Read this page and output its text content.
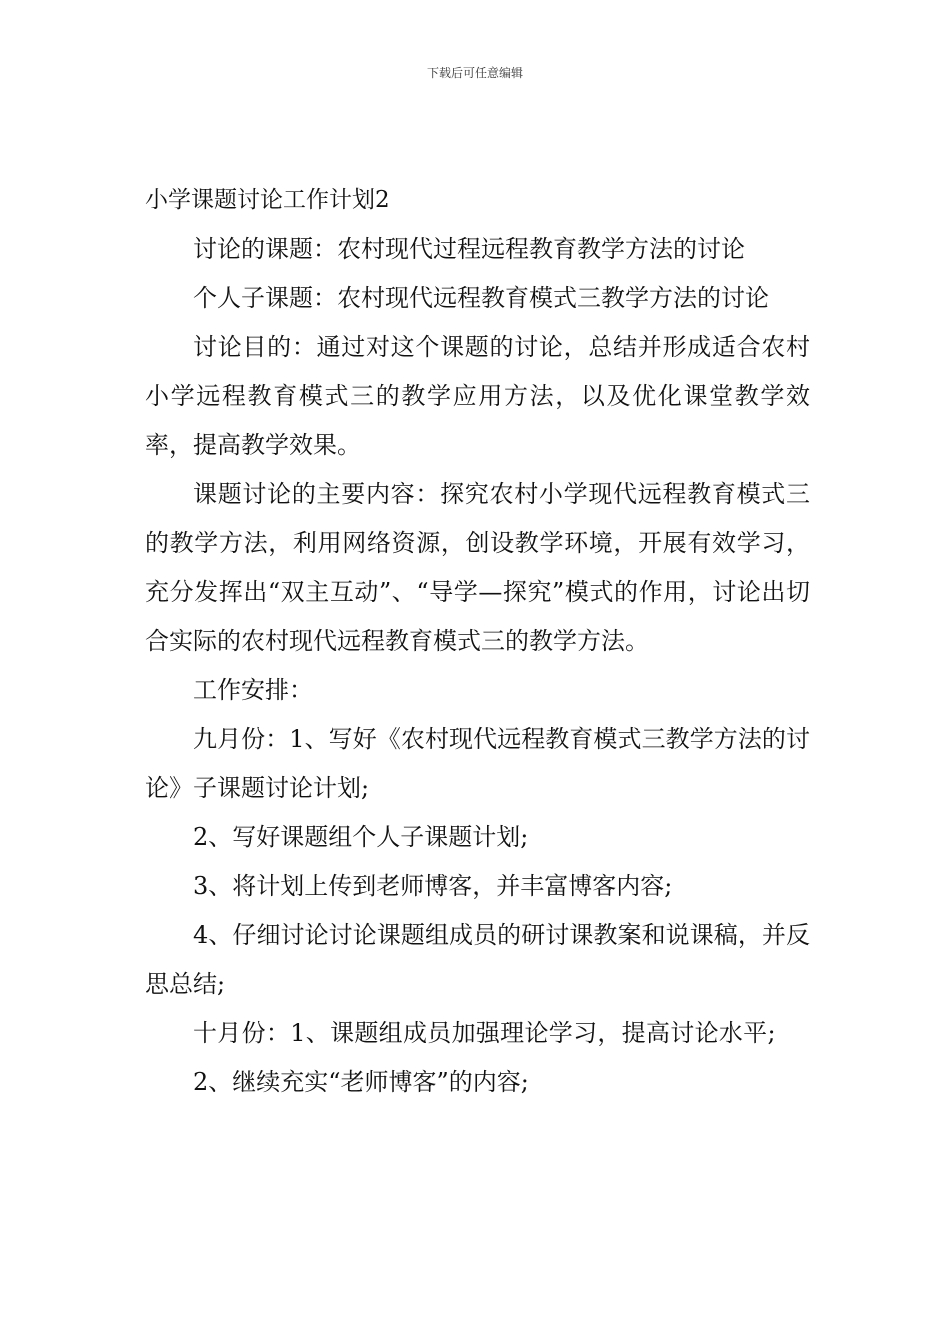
下载后可任意编辑
小学课题讨论工作计划2

讨论的课题：农村现代过程远程教育教学方法的讨论

个人子课题：农村现代远程教育模式三教学方法的讨论

讨论目的：通过对这个课题的讨论，总结并形成适合农村小学远程教育模式三的教学应用方法，以及优化课堂教学效率，提高教学效果。

课题讨论的主要内容：探究农村小学现代远程教育模式三的教学方法，利用网络资源，创设教学环境，开展有效学习，充分发挥出“双主互动”、“导学—探究”模式的作用，讨论出切合实际的农村现代远程教育模式三的教学方法。

工作安排：

九月份：1、写好《农村现代远程教育模式三教学方法的讨论》子课题讨论计划;

2、写好课题组个人子课题计划;

3、将计划上传到老师博客，并丰富博客内容;

4、仔细讨论讨论课题组成员的研讨课教案和说课稿，并反思总结;

十月份：1、课题组成员加强理论学习，提高讨论水平;

2、继续充实“老师博客”的内容;
